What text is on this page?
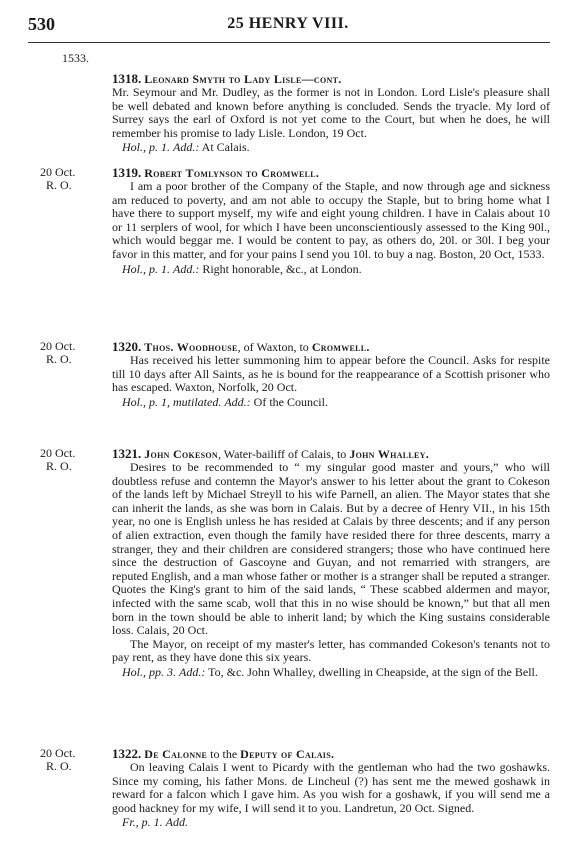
530	25 HENRY VIII.
1533.

1318. Leonard Smyth to Lady Lisle—cont.

Mr. Seymour and Mr. Dudley, as the former is not in London. Lord Lisle's pleasure shall be well debated and known before anything is concluded. Sends the tryacle. My lord of Surrey says the earl of Oxford is not yet come to the Court, but when he does, he will remember his promise to lady Lisle. London, 19 Oct.

Hol., p. 1. Add.: At Calais.

20 Oct.
R. O.

1319. Robert Tomlynson to Cromwell.

I am a poor brother of the Company of the Staple, and now through age and sickness am reduced to poverty, and am not able to occupy the Staple, but to bring home what I have there to support myself, my wife and eight young children. I have in Calais about 10 or 11 serplers of wool, for which I have been unconscientiously assessed to the King 90l., which would beggar me. I would be content to pay, as others do, 20l. or 30l. I beg your favor in this matter, and for your pains I send you 10l. to buy a nag. Boston, 20 Oct, 1533.

Hol., p. 1. Add.: Right honorable, &c., at London.

20 Oct.
R. O.

1320. Thos. Woodhouse, of Waxton, to Cromwell.

Has received his letter summoning him to appear before the Council. Asks for respite till 10 days after All Saints, as he is bound for the reappearance of a Scottish prisoner who has escaped. Waxton, Norfolk, 20 Oct.

Hol., p. 1, mutilated. Add.: Of the Council.

20 Oct.
R. O.

1321. John Cokeson, Water-bailiff of Calais, to John Whalley.

Desires to be recommended to “ my singular good master and yours,” who will doubtless refuse and contemn the Mayor's answer to his letter about the grant to Cokeson of the lands left by Michael Streyll to his wife Parnell, an alien. The Mayor states that she can inherit the lands, as she was born in Calais. But by a decree of Henry VII., in his 15th year, no one is English unless he has resided at Calais by three descents; and if any person of alien extraction, even though the family have resided there for three descents, marry a stranger, they and their children are considered strangers; those who have continued here since the destruction of Gascoyne and Guyan, and not remarried with strangers, are reputed English, and a man whose father or mother is a stranger shall be reputed a stranger. Quotes the King's grant to him of the said lands, “ These scabbed aldermen and mayor, infected with the same scab, woll that this in no wise should be known,” but that all men born in the town should be able to inherit land; by which the King sustains considerable loss. Calais, 20 Oct.

The Mayor, on receipt of my master's letter, has commanded Cokeson's tenants not to pay rent, as they have done this six years.

Hol., pp. 3. Add.: To, &c. John Whalley, dwelling in Cheapside, at the sign of the Bell.

20 Oct.
R. O.

1322. De Calonne to the Deputy of Calais.

On leaving Calais I went to Picardy with the gentleman who had the two goshawks. Since my coming, his father Mons. de Lincheul (?) has sent me the mewed goshawk in reward for a falcon which I gave him. As you wish for a goshawk, if you will send me a good hackney for my wife, I will send it to you. Landretun, 20 Oct. Signed.

Fr., p. 1. Add.
